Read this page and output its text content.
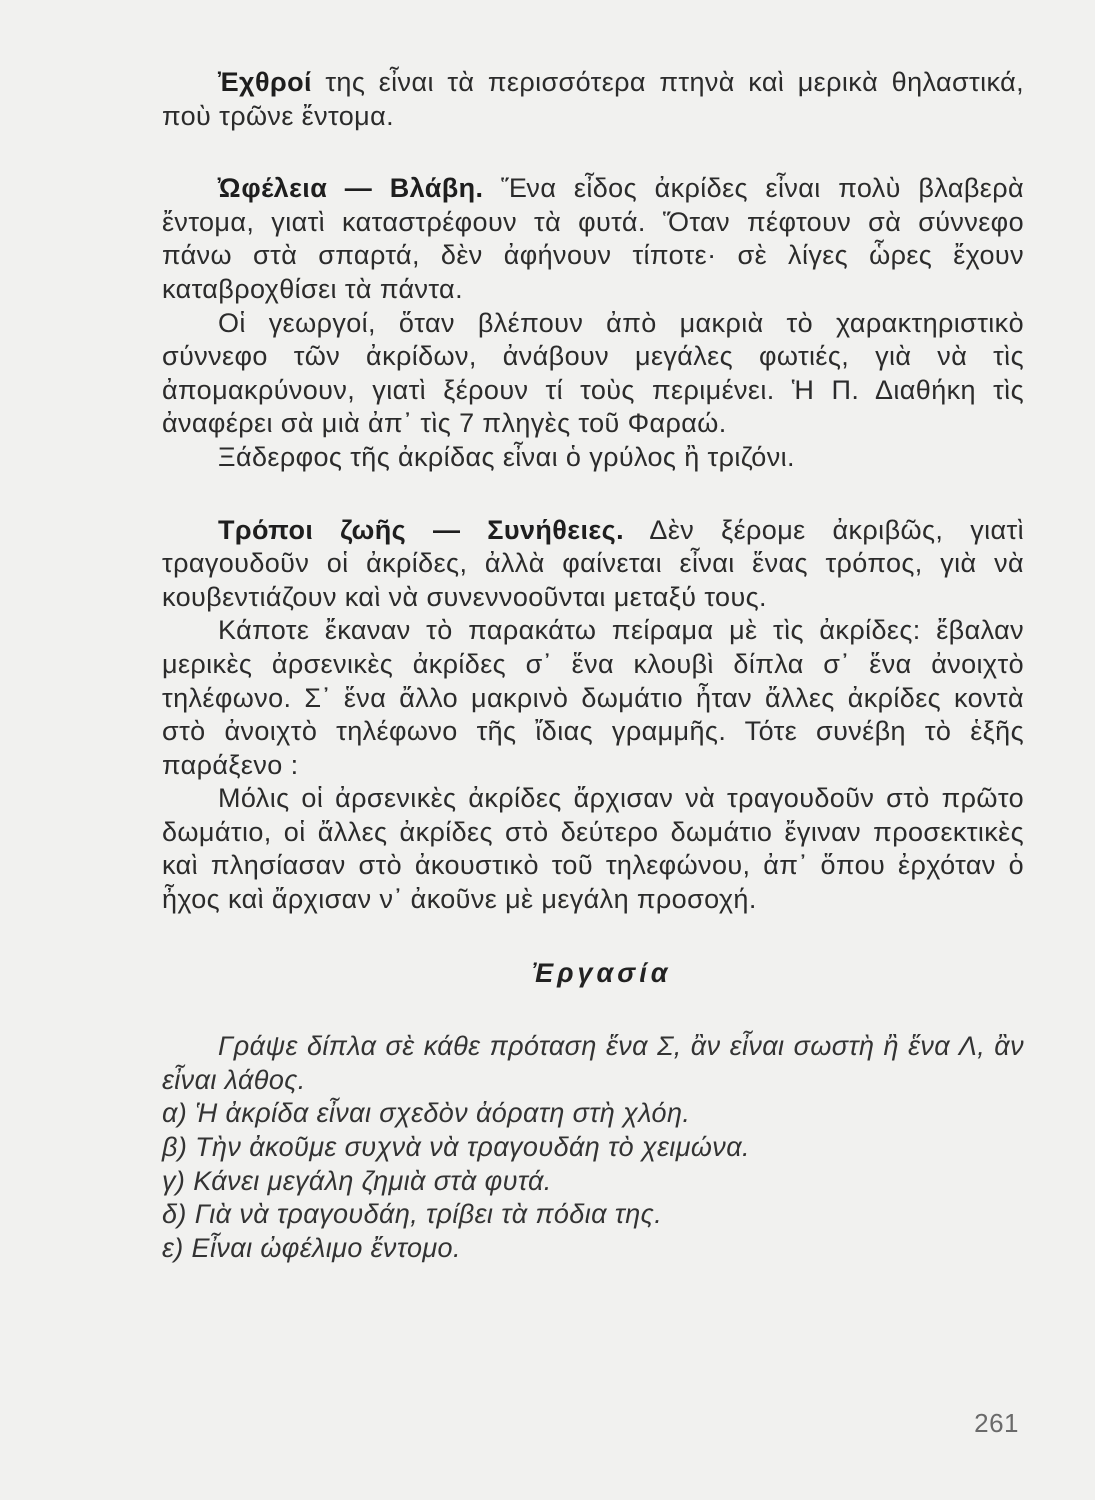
Ἐχθροί της εἶναι τὰ περισσότερα πτηνὰ καὶ μερικὰ θηλαστικά, ποὺ τρῶνε ἔντομα.

Ὠφέλεια — Βλάβη. Ἕνα εἶδος ἀκρίδες εἶναι πολὺ βλαβερὰ ἔντομα, γιατὶ καταστρέφουν τὰ φυτά. Ὅταν πέφτουν σὰ σύννεφο πάνω στὰ σπαρτά, δὲν ἀφήνουν τίποτε· σὲ λίγες ὧρες ἔχουν καταβροχθίσει τὰ πάντα.

Οἱ γεωργοί, ὅταν βλέπουν ἀπὸ μακριὰ τὸ χαρακτηριστικὸ σύννεφο τῶν ἀκρίδων, ἀνάβουν μεγάλες φωτιές, γιὰ νὰ τὶς ἀπομακρύνουν, γιατὶ ξέρουν τί τοὺς περιμένει. Ἡ Π. Διαθήκη τὶς ἀναφέρει σὰ μιὰ ἀπ᾽ τὶς 7 πληγὲς τοῦ Φαραώ.

Ξάδερφος τῆς ἀκρίδας εἶναι ὁ γρύλος ἢ τριζόνι.

Τρόποι ζωῆς — Συνήθειες. Δὲν ξέρομε ἀκριβῶς, γιατὶ τραγουδοῦν οἱ ἀκρίδες, ἀλλὰ φαίνεται εἶναι ἕνας τρόπος, γιὰ νὰ κουβεντιάζουν καὶ νὰ συνεννοοῦνται μεταξύ τους.

Κάποτε ἔκαναν τὸ παρακάτω πείραμα μὲ τὶς ἀκρίδες: ἔβαλαν μερικὲς ἀρσενικὲς ἀκρίδες σ᾽ ἕνα κλουβὶ δίπλα σ᾽ ἕνα ἀνοιχτὸ τηλέφωνο. Σ᾽ ἕνα ἄλλο μακρινὸ δωμάτιο ἦταν ἄλλες ἀκρίδες κοντὰ στὸ ἀνοιχτὸ τηλέφωνο τῆς ἴδιας γραμμῆς. Τότε συνέβη τὸ ἑξῆς παράξενο :

Μόλις οἱ ἀρσενικὲς ἀκρίδες ἄρχισαν νὰ τραγουδοῦν στὸ πρῶτο δωμάτιο, οἱ ἄλλες ἀκρίδες στὸ δεύτερο δωμάτιο ἔγιναν προσεκτικὲς καὶ πλησίασαν στὸ ἀκουστικὸ τοῦ τηλεφώνου, ἀπ᾽ ὅπου ἐρχόταν ὁ ἦχος καὶ ἄρχισαν ν᾽ ἀκοῦνε μὲ μεγάλη προσοχή.

Ἐργασία

Γράψε δίπλα σὲ κάθε πρόταση ἕνα Σ, ἂν εἶναι σωστὴ ἢ ἕνα Λ, ἂν εἶναι λάθος.

α) Ἡ ἀκρίδα εἶναι σχεδὸν ἀόρατη στὴ χλόη.

β) Τὴν ἀκοῦμε συχνὰ νὰ τραγουδάη τὸ χειμώνα.

γ) Κάνει μεγάλη ζημιὰ στὰ φυτά.

δ) Γιὰ νὰ τραγουδάη, τρίβει τὰ πόδια της.

ε) Εἶναι ὠφέλιμο ἔντομο.

261
